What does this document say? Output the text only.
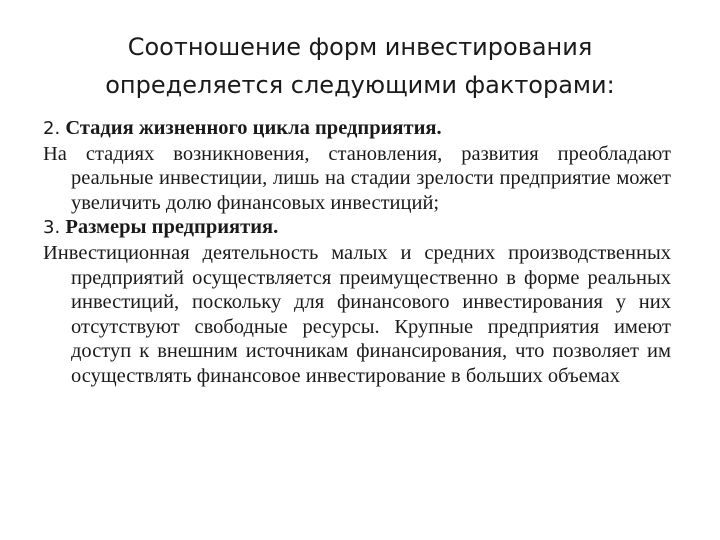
Соотношение форм инвестирования
определяется следующими факторами:

2. Стадия жизненного цикла предприятия.

На стадиях возникновения, становления, развития преобладают реальные инвестиции, лишь на стадии зрелости предприятие может увеличить долю финансовых инвестиций;

3. Размеры предприятия.

Инвестиционная деятельность малых и средних производственных предприятий осуществляется преимущественно в форме реальных инвестиций, поскольку для финансового инвестирования у них отсутствуют свободные ресурсы. Крупные предприятия имеют доступ к внешним источникам финансирования, что позволяет им осуществлять финансовое инвестирование в больших объемах
